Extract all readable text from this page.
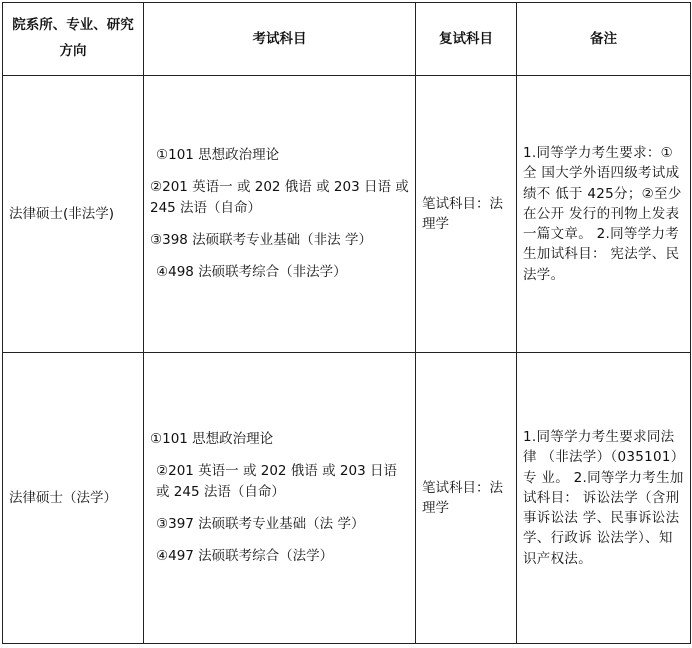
院系所、专业、研究方向	考试科目	复试科目	备注
法律硕士(非法学)	①101 思想政治理论
②201 英语一 或 202 俄语 或 203 日语 或 245 法语（自命）
③398 法硕联考专业基础（非法 学）
④498 法硕联考综合（非法学）	笔试科目：法理学	1.同等学力考生要求：①全 国大学外语四级考试成绩不 低于 425分；②至少在公开 发行的刊物上发表一篇文章。 2.同等学力考生加试科目： 宪法学、民法学。
法律硕士（法学）	①101 思想政治理论
②201 英语一 或 202 俄语 或 203 日语 或 245 法语（自命）
③397 法硕联考专业基础（法 学）
④497 法硕联考综合（法学）	笔试科目：法理学	1.同等学力考生要求同法律 （非法学）（035101）专 业。 2.同等学力考生加试科目： 诉讼法学（含刑事诉讼法 学、民事诉讼法学、行政诉 讼法学）、知识产权法。
